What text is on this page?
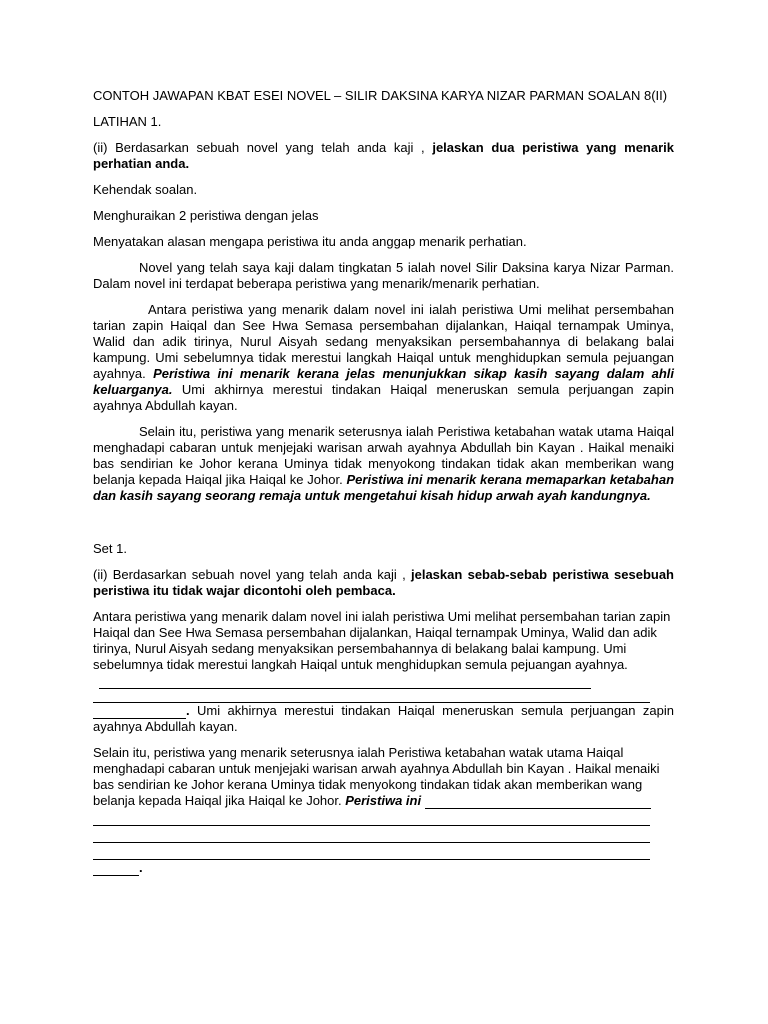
CONTOH JAWAPAN KBAT ESEI NOVEL – SILIR DAKSINA KARYA NIZAR PARMAN SOALAN 8(II)

LATIHAN 1.

(ii) Berdasarkan sebuah novel yang telah anda kaji , jelaskan dua peristiwa yang menarik perhatian anda.

Kehendak soalan.

Menghuraikan 2 peristiwa dengan jelas

Menyatakan alasan mengapa peristiwa itu anda anggap menarik perhatian.

Novel yang telah saya kaji dalam tingkatan 5 ialah novel Silir Daksina karya Nizar Parman. Dalam novel ini terdapat beberapa peristiwa yang menarik/menarik perhatian.

Antara peristiwa yang menarik dalam novel ini ialah peristiwa Umi melihat persembahan tarian zapin Haiqal dan See Hwa Semasa persembahan dijalankan, Haiqal ternampak Uminya, Walid dan adik tirinya, Nurul Aisyah sedang menyaksikan persembahannya di belakang balai kampung. Umi sebelumnya tidak merestui langkah Haiqal untuk menghidupkan semula pejuangan ayahnya. Peristiwa ini menarik kerana jelas menunjukkan sikap kasih sayang dalam ahli keluarganya. Umi akhirnya merestui tindakan Haiqal meneruskan semula perjuangan zapin ayahnya Abdullah kayan.

Selain itu, peristiwa yang menarik seterusnya ialah Peristiwa ketabahan watak utama Haiqal menghadapi cabaran untuk menjejaki warisan arwah ayahnya Abdullah bin Kayan . Haikal menaiki bas sendirian ke Johor kerana Uminya tidak menyokong tindakan tidak akan memberikan wang belanja kepada Haiqal jika Haiqal ke Johor. Peristiwa ini menarik kerana memaparkan ketabahan dan kasih sayang seorang remaja untuk mengetahui kisah hidup arwah ayah kandungnya.

Set 1.

(ii) Berdasarkan sebuah novel yang telah anda kaji , jelaskan sebab-sebab peristiwa sesebuah peristiwa itu tidak wajar dicontohi oleh pembaca.

Antara peristiwa yang menarik dalam novel ini ialah peristiwa Umi melihat persembahan tarian zapin Haiqal dan See Hwa Semasa persembahan dijalankan, Haiqal ternampak Uminya, Walid dan adik tirinya, Nurul Aisyah sedang menyaksikan persembahannya di belakang balai kampung. Umi sebelumnya tidak merestui langkah Haiqal untuk menghidupkan semula pejuangan ayahnya.

. Umi akhirnya merestui tindakan Haiqal meneruskan semula perjuangan zapin ayahnya Abdullah kayan.

Selain itu, peristiwa yang menarik seterusnya ialah Peristiwa ketabahan watak utama Haiqal menghadapi cabaran untuk menjejaki warisan arwah ayahnya Abdullah bin Kayan . Haikal menaiki bas sendirian ke Johor kerana Uminya tidak menyokong tindakan tidak akan memberikan wang belanja kepada Haiqal jika Haiqal ke Johor. Peristiwa ini

.
